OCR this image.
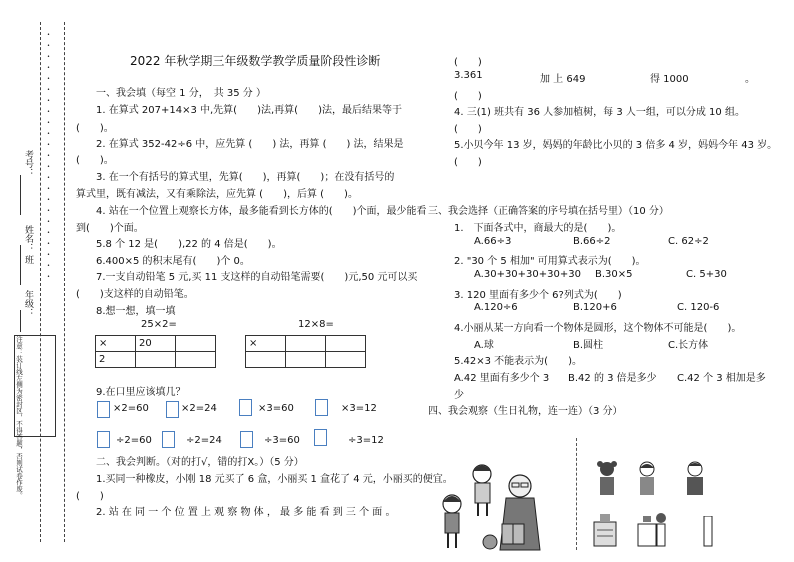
・・・・・・・・・・・・・・・・・・・・・・・
考号：
姓名：
班
年级：
注意：装订线左侧为密封区，不得答题，否则试卷作废。
2022 年秋学期三年级数学教学质量阶段性诊断
一、我会填（每空 1 分，　共 35 分 ）
1. 在算式 207+14×3 中,先算(　　)法,再算(　　)法，最后结果等于
(　　)。
2. 在算式 352-42÷6 中，应先算 (　　) 法，再算 (　　) 法，结果是
(　　)。
3. 在一个有括号的算式里，先算(　　)，再算(　　)；在没有括号的
算式里，既有减法，又有乘除法，应先算 (　　)，后算 (　　)。
4. 站在一个位置上观察长方体，最多能看到长方体的(　　)个面，最少能看
到(　　)个面。
5.8 个 12 是(　　),22 的 4 倍是(　　)。
6.400×5 的积末尾有(　　)个 0。
7.一支自动铅笔 5 元,买 11 支这样的自动铅笔需要(　　)元,50 元可以买
(　　)支这样的自动铅笔。
8.想一想，填一填
25×2=
×	20	
2		
12×8=
×		

9.在口里应该填几？
×2=60	×2=24	×3=60	×3=12
÷2=60	÷2=24	÷3=60	÷3=12
二、我会判断。（对的打√，错的打X。）（5 分）
1.买同一种橡皮，小刚 18 元买了 6 盒，小丽买 1 盒花了 4 元，小丽买的便宜。
(　　)
2. 站 在 同 一 个 位 置 上 观 察 物 体 ， 最 多 能 看 到 三 个 面 。
(　　)
3.361	加 上 649	得 1000	。
(　　)
4. 三(1) 班共有 36 人参加植树，每 3 人一组，可以分成 10 组。
(　　)
5.小贝今年 13 岁，妈妈的年龄比小贝的 3 倍多 4 岁，妈妈今年 43 岁。
(　　)
三、我会选择（正确答案的序号填在括号里）（10 分）
1.　下面各式中，商最大的是(　　)。
A.66÷3	B.66÷2	C. 62÷2
2. "30 个 5 相加" 可用算式表示为(　　)。
A.30+30+30+30+30 B.30×5	C. 5+30
3. 120 里面有多少个 6?列式为(　　)
A.120÷6	B.120+6	C. 120-6
4.小丽从某一方向看一个物体是圆形，这个物体不可能是(　　)。
A.球	B.圆柱	C.长方体
5.42×3 不能表示为(　　)。
A.42 里面有多少个 3 B.42 的 3 倍是多少 C.42 个 3 相加是多
少
四、我会观察（生日礼物，连一连）（3 分）
